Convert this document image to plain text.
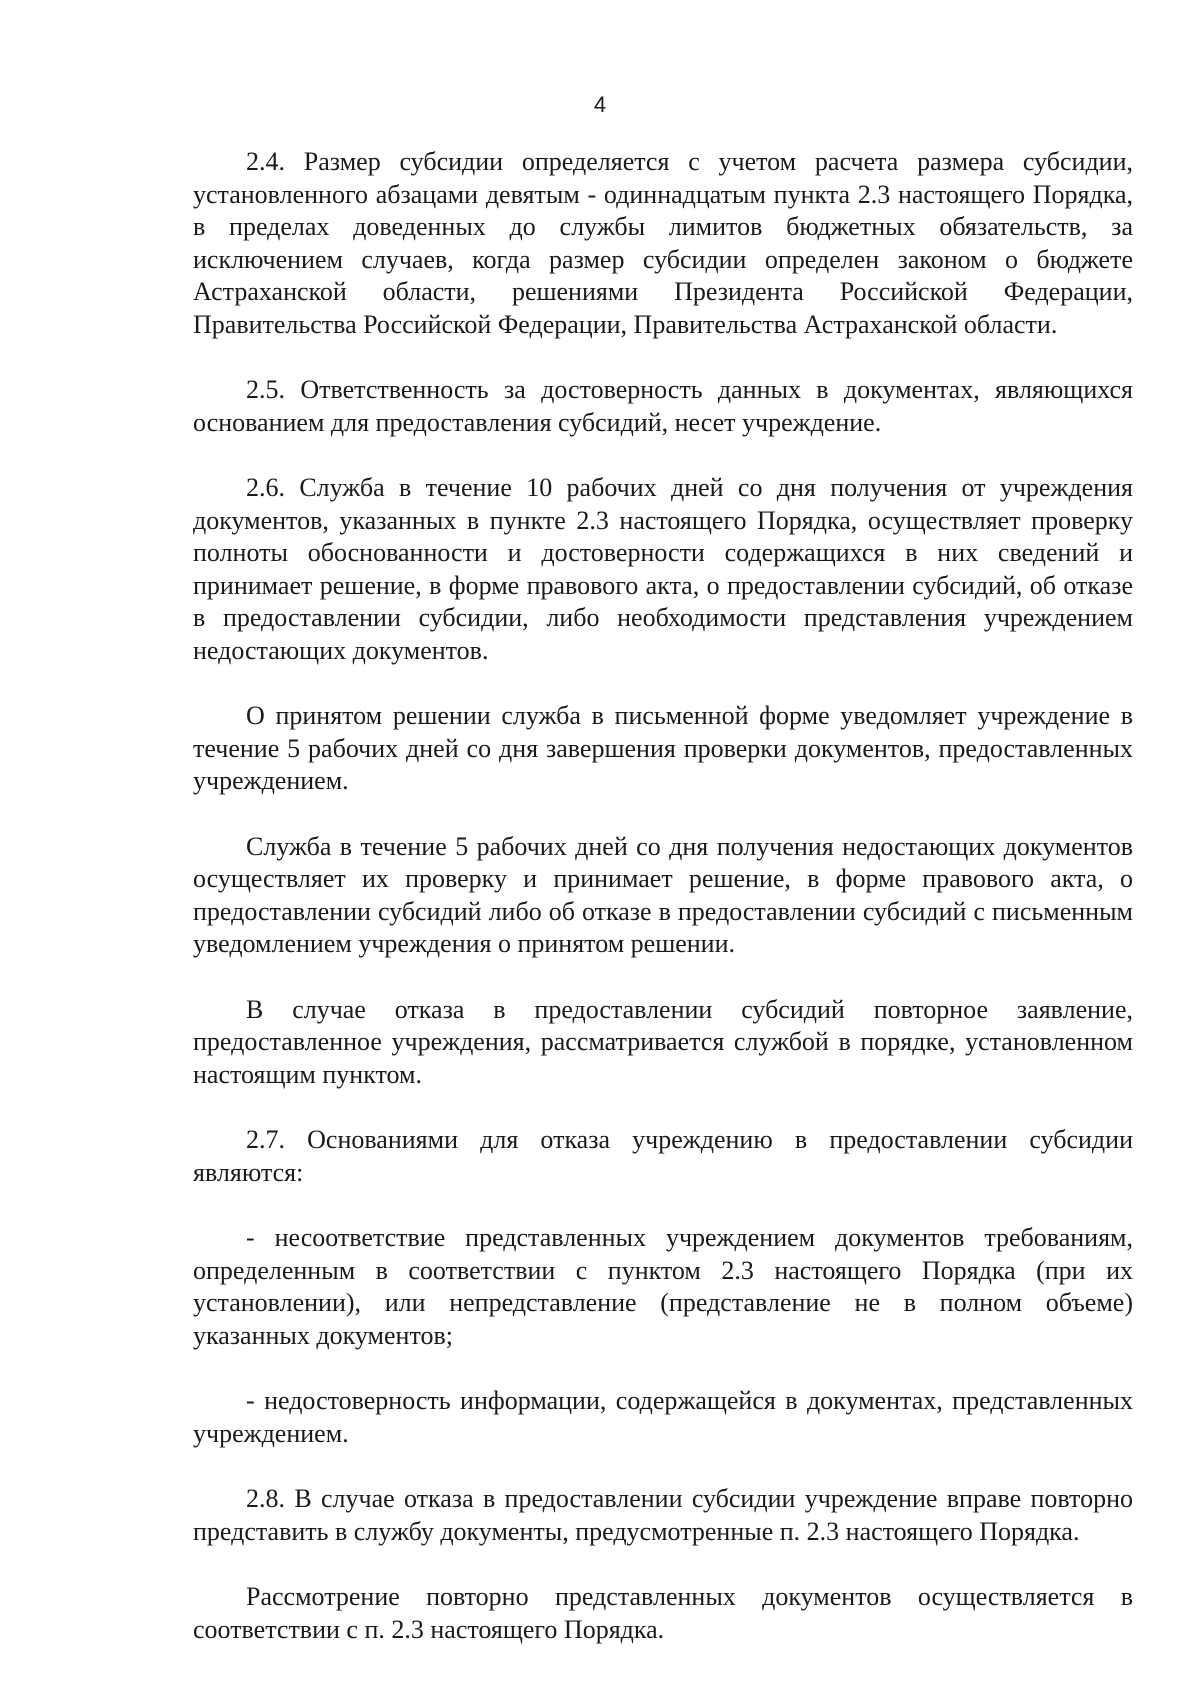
4

2.4. Размер субсидии определяется с учетом расчета размера субсидии, установленного абзацами девятым - одиннадцатым пункта 2.3 настоящего Порядка, в пределах доведенных до службы лимитов бюджетных обязательств, за исключением случаев, когда размер субсидии определен законом о бюджете Астраханской области, решениями Президента Российской Федерации, Правительства Российской Федерации, Правительства Астраханской области.

2.5. Ответственность за достоверность данных в документах, являющихся основанием для предоставления субсидий, несет учреждение.

2.6. Служба в течение 10 рабочих дней со дня получения от учреждения документов, указанных в пункте 2.3 настоящего Порядка, осуществляет проверку полноты обоснованности и достоверности содержащихся в них сведений и принимает решение, в форме правового акта, о предоставлении субсидий, об отказе в предоставлении субсидии, либо необходимости представления учреждением недостающих документов.

О принятом решении служба в письменной форме уведомляет учреждение в течение 5 рабочих дней со дня завершения проверки документов, предоставленных учреждением.

Служба в течение 5 рабочих дней со дня получения недостающих документов осуществляет их проверку и принимает решение, в форме правового акта, о предоставлении субсидий либо об отказе в предоставлении субсидий с письменным уведомлением учреждения о принятом решении.

В случае отказа в предоставлении субсидий повторное заявление, предоставленное учреждения, рассматривается службой в порядке, установленном настоящим пунктом.

2.7. Основаниями для отказа учреждению в предоставлении субсидии являются:

- несоответствие представленных учреждением документов требованиям, определенным в соответствии с пунктом 2.3 настоящего Порядка (при их установлении), или непредставление (представление не в полном объеме) указанных документов;

- недостоверность информации, содержащейся в документах, представленных учреждением.

2.8. В случае отказа в предоставлении субсидии учреждение вправе повторно представить в службу документы, предусмотренные п. 2.3 настоящего Порядка.

Рассмотрение повторно представленных документов осуществляется в соответствии с п. 2.3 настоящего Порядка.
